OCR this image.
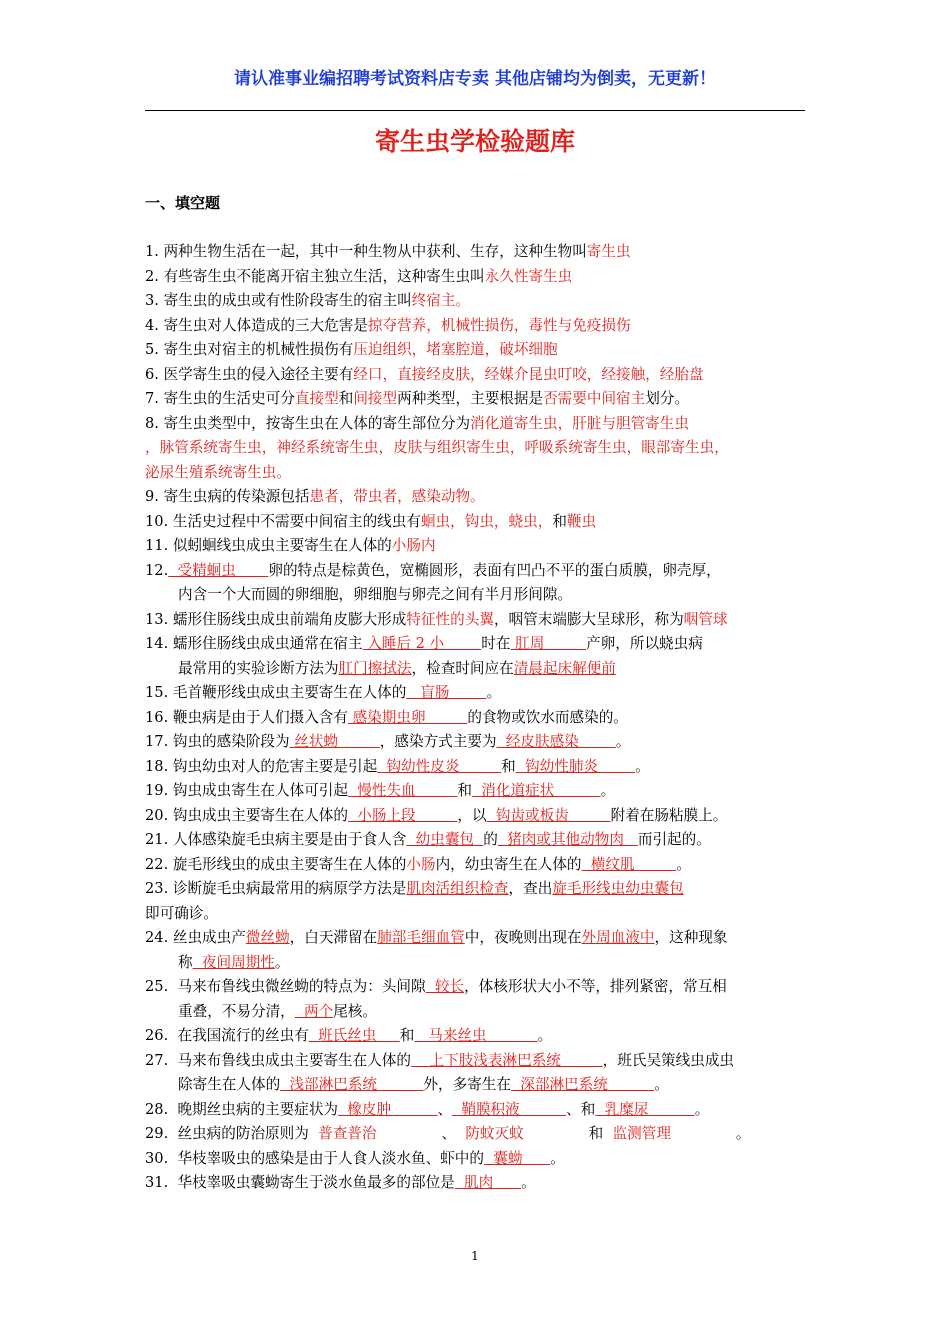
请认准事业编招聘考试资料店专卖 其他店铺均为倒卖，无更新！
寄生虫学检验题库
一、填空题
1. 两种生物生活在一起，其中一种生物从中获利、生存，这种生物叫寄生虫
2. 有些寄生虫不能离开宿主独立生活，这种寄生虫叫永久性寄生虫
3. 寄生虫的成虫或有性阶段寄生的宿主叫终宿主。
4. 寄生虫对人体造成的三大危害是掠夺营养，机械性损伤，毒性与免疫损伤
5. 寄生虫对宿主的机械性损伤有压迫组织，堵塞腔道，破坏细胞
6. 医学寄生虫的侵入途径主要有经口，直接经皮肤，经媒介昆虫叮咬，经接触，经胎盘
7. 寄生虫的生活史可分直接型和间接型两种类型，主要根据是否需要中间宿主划分。
8. 寄生虫类型中，按寄生虫在人体的寄生部位分为消化道寄生虫，肝脏与胆管寄生虫
，脉管系统寄生虫，神经系统寄生虫，皮肤与组织寄生虫，呼吸系统寄生虫，眼部寄生虫，
泌尿生殖系统寄生虫。
9. 寄生虫病的传染源包括患者，带虫者，感染动物。
10. 生活史过程中不需要中间宿主的线虫有蛔虫，钩虫，蛲虫，和鞭虫
11. 似蚓蛔线虫成虫主要寄生在人体的小肠内
12.  受精蛔虫       卵的特点是棕黄色，宽椭圆形，表面有凹凸不平的蛋白质膜，卵壳厚，
内含一个大而圆的卵细胞，卵细胞与卵壳之间有半月形间隙。
13. 蠕形住肠线虫成虫前端角皮膨大形成特征性的头翼，咽管末端膨大呈球形，称为咽管球
14. 蠕形住肠线虫成虫通常在宿主 入睡后 2 小        时在 肛周         产卵，所以蛲虫病
最常用的实验诊断方法为肛门擦拭法，检查时间应在清晨起床解便前
15. 毛首鞭形线虫成虫主要寄生在人体的   盲肠        。
16. 鞭虫病是由于人们摄入含有 感染期虫卵         的食物或饮水而感染的。
17. 钩虫的感染阶段为 丝状蚴         ，感染方式主要为  经皮肤感染        。
18. 钩虫幼虫对人的危害主要是引起  钩幼性皮炎         和  钩幼性肺炎        。
19. 钩虫成虫寄生在人体可引起  慢性失血         和  消化道症状          。
20. 钩虫成虫主要寄生在人体的  小肠上段         ，以  钩齿或板齿         附着在肠粘膜上。
21. 人体感染旋毛虫病主要是由于食人含  幼虫囊包  的  猪肉或其他动物肉   而引起的。
22. 旋毛形线虫的成虫主要寄生在人体的小肠内，幼虫寄生在人体的  横纹肌         。
23. 诊断旋毛虫病最常用的病原学方法是肌肉活组织检查，查出旋毛形线虫幼虫囊包
即可确诊。
24. 丝虫成虫产微丝蚴，白天滞留在肺部毛细血管中，夜晚则出现在外周血液中，这种现象
称  夜间周期性。
25.  马来布鲁线虫微丝蚴的特点为：头间隙  较长，体核形状大小不等，排列紧密，常互相
重叠，不易分清，  两个尾核。
26.  在我国流行的丝虫有  班氏丝虫     和   马来丝虫           。
27.  马来布鲁线虫成虫主要寄生在人体的    上下肢浅表淋巴系统         ，班氏吴策线虫成虫
除寄生在人体的  浅部淋巴系统          外，多寄生在  深部淋巴系统          。
28.  晚期丝虫病的主要症状为  橡皮肿          、  鞘膜积液          、和  乳糜尿          。
29.  丝虫病的防治原则为  普查普治              、  防蚊灭蚊              和  监测管理              。
30.  华枝睾吸虫的感染是由于人食人淡水鱼、虾中的  囊蚴      。
31.  华枝睾吸虫囊蚴寄生于淡水鱼最多的部位是  肌肉      。
1
